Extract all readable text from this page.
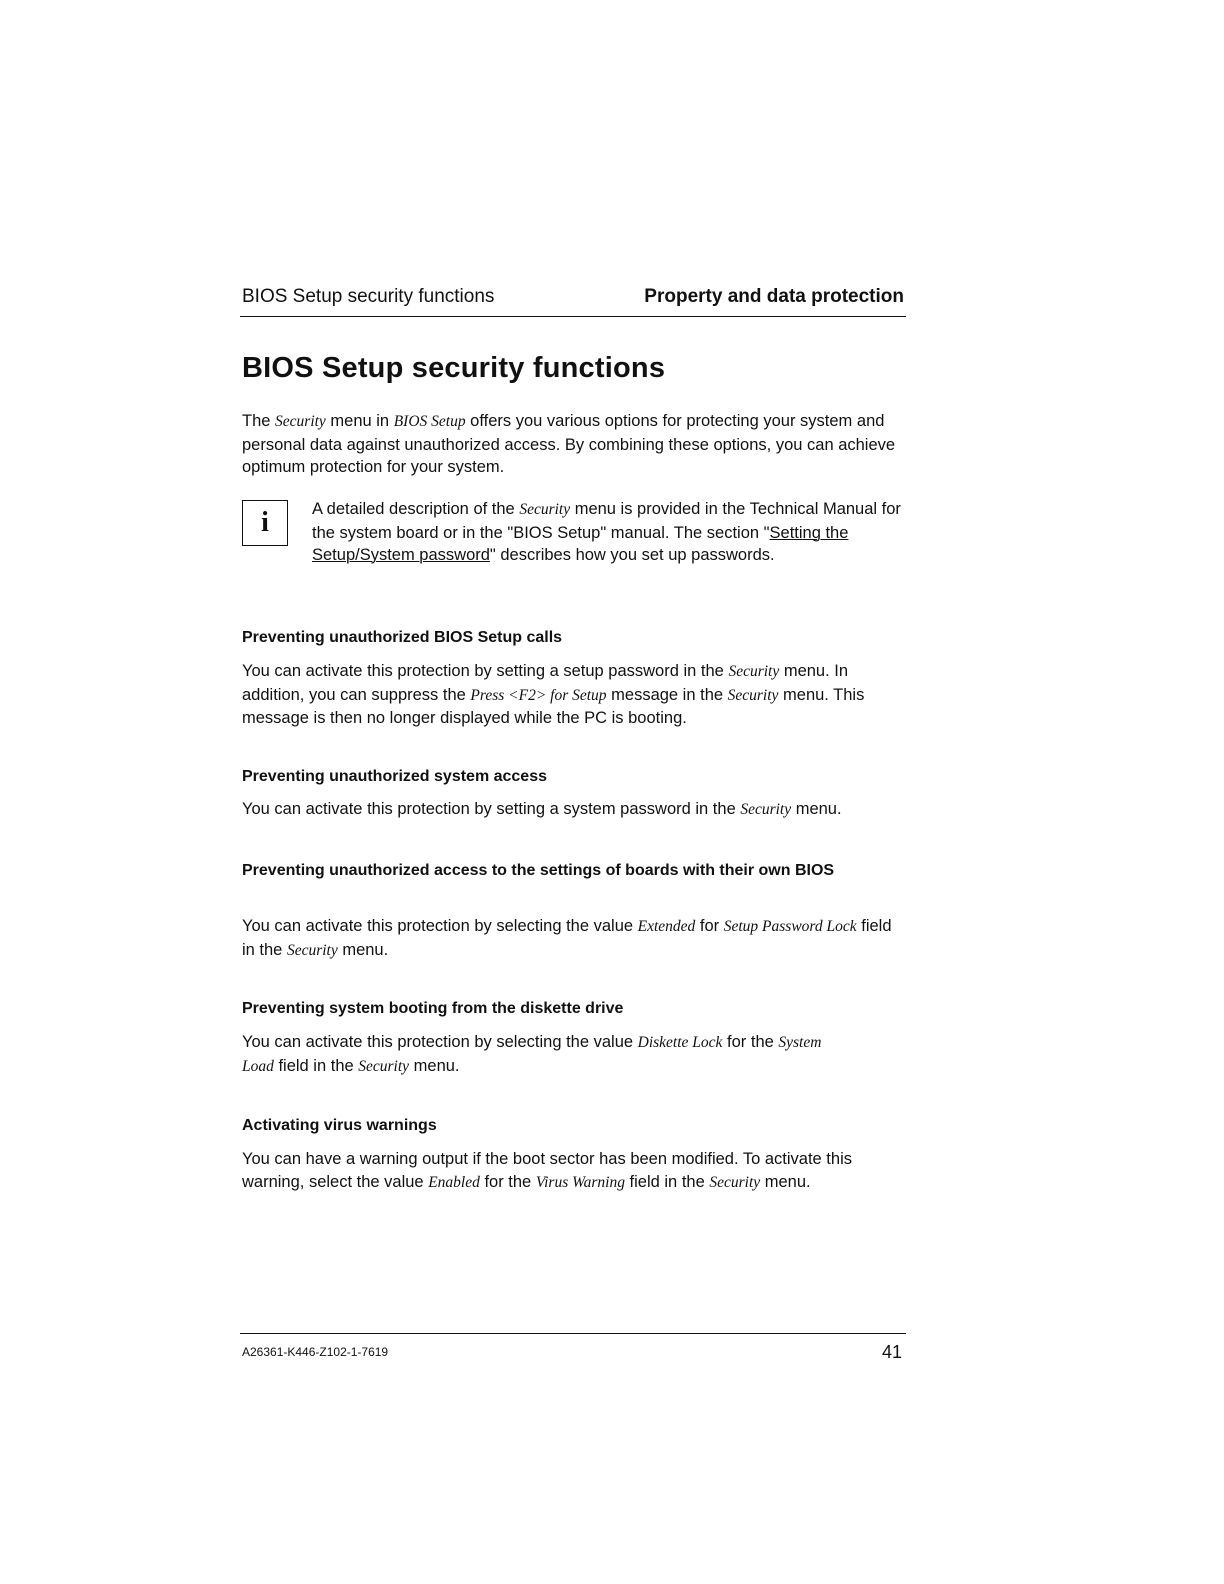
BIOS Setup security functions	Property and data protection
BIOS Setup security functions

The Security menu in BIOS Setup offers you various options for protecting your system and personal data against unauthorized access. By combining these options, you can achieve optimum protection for your system.

i	A detailed description of the Security menu is provided in the Technical Manual for the system board or in the "BIOS Setup" manual. The section "Setting the Setup/System password" describes how you set up passwords.

Preventing unauthorized BIOS Setup calls

You can activate this protection by setting a setup password in the Security menu. In addition, you can suppress the Press <F2> for Setup message in the Security menu. This message is then no longer displayed while the PC is booting.

Preventing unauthorized system access

You can activate this protection by setting a system password in the Security menu.

Preventing unauthorized access to the settings of boards with their own BIOS

You can activate this protection by selecting the value Extended for Setup Password Lock field in the Security menu.

Preventing system booting from the diskette drive

You can activate this protection by selecting the value Diskette Lock for the System Load field in the Security menu.

Activating virus warnings

You can have a warning output if the boot sector has been modified. To activate this warning, select the value Enabled for the Virus Warning field in the Security menu.

A26361-K446-Z102-1-7619	41
